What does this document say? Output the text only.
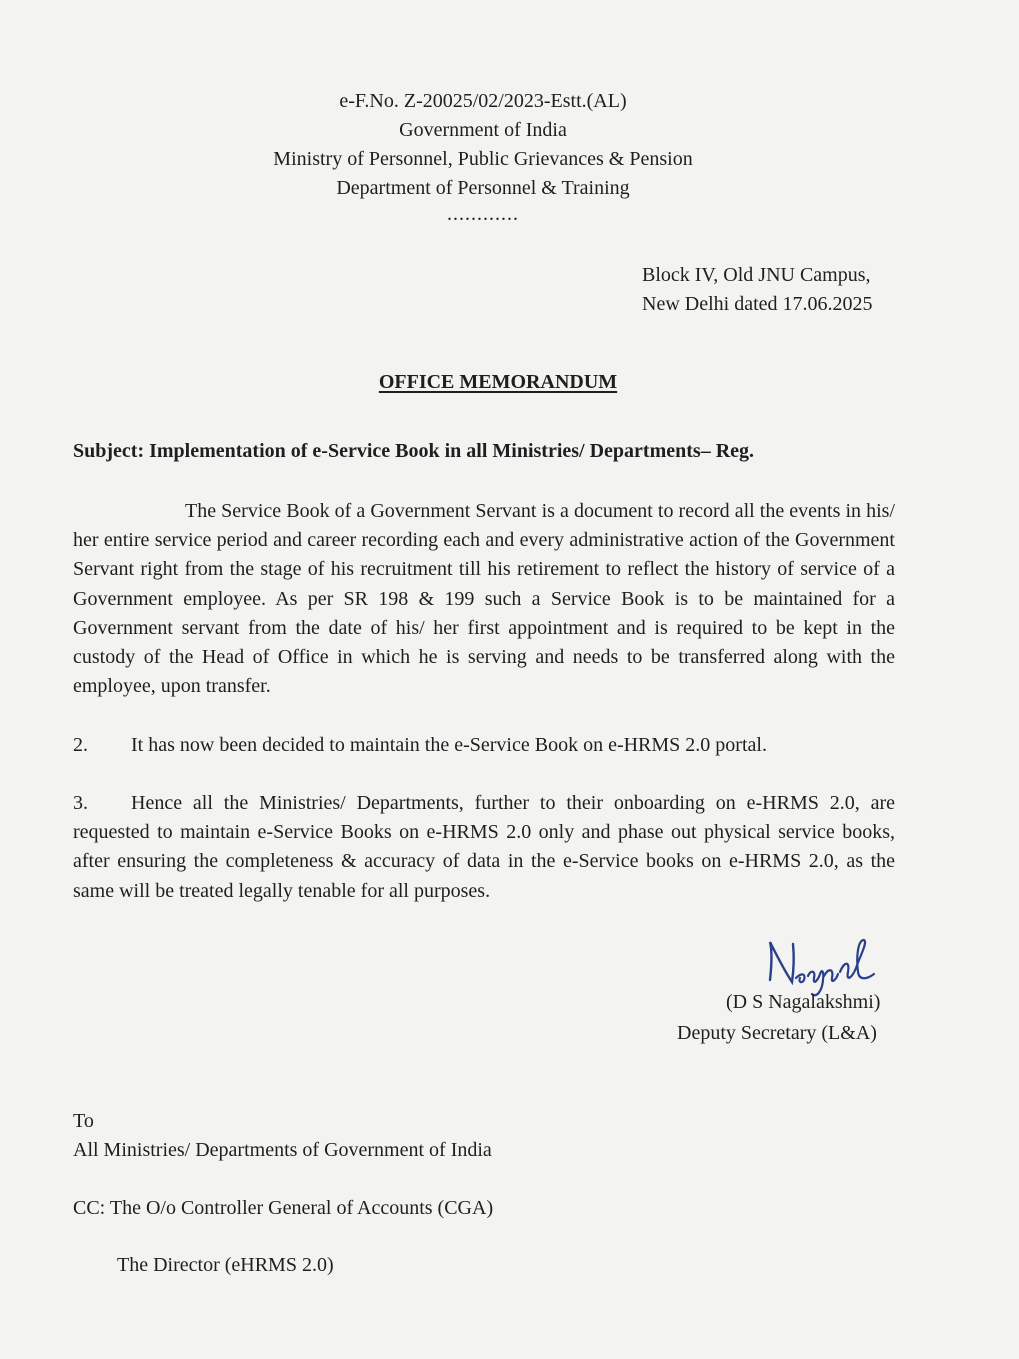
e-F.No. Z-20025/02/2023-Estt.(AL)
Government of India
Ministry of Personnel, Public Grievances & Pension
Department of Personnel & Training
............
Block IV, Old JNU Campus,
New Delhi dated 17.06.2025
OFFICE MEMORANDUM
Subject: Implementation of e-Service Book in all Ministries/ Departments– Reg.
The Service Book of a Government Servant is a document to record all the events in his/ her entire service period and career recording each and every administrative action of the Government Servant right from the stage of his recruitment till his retirement to reflect the history of service of a Government employee. As per SR 198 & 199 such a Service Book is to be maintained for a Government servant from the date of his/ her first appointment and is required to be kept in the custody of the Head of Office in which he is serving and needs to be transferred along with the employee, upon transfer.
2. It has now been decided to maintain the e-Service Book on e-HRMS 2.0 portal.
3. Hence all the Ministries/ Departments, further to their onboarding on e-HRMS 2.0, are requested to maintain e-Service Books on e-HRMS 2.0 only and phase out physical service books, after ensuring the completeness & accuracy of data in the e-Service books on e-HRMS 2.0, as the same will be treated legally tenable for all purposes.
(D S Nagalakshmi)
Deputy Secretary (L&A)
To
All Ministries/ Departments of Government of India
CC: The O/o Controller General of Accounts (CGA)
The Director (eHRMS 2.0)
